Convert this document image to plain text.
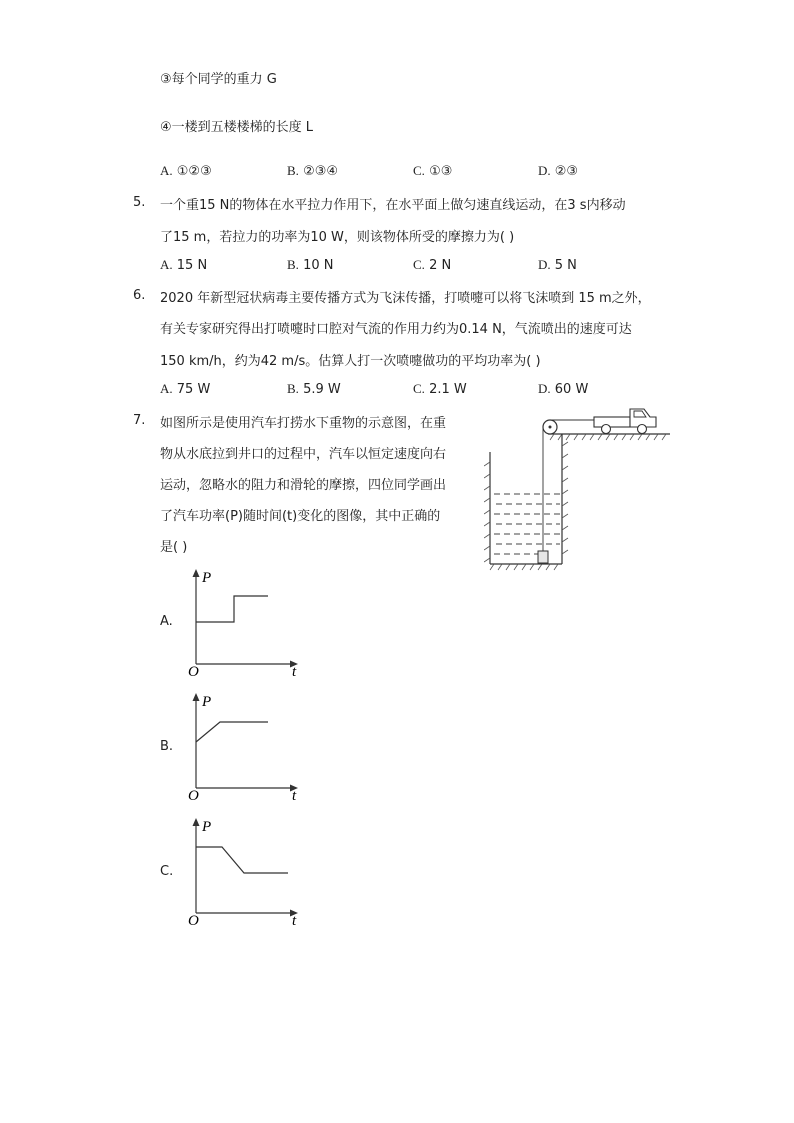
③每个同学的重力 G
④一楼到五楼楼梯的长度 L
A. ①②③	B. ②③④	C. ①③	D. ②③
5. 一个重15 N的物体在水平拉力作用下，在水平面上做匀速直线运动，在3 s内移动
了15 m，若拉力的功率为10 W，则该物体所受的摩擦力为( )
A. 15 N	B. 10 N	C. 2 N	D. 5 N
6. 2020 年新型冠状病毒主要传播方式为飞沫传播，打喷嚏可以将飞沫喷到 15 m之外，
有关专家研究得出打喷嚏时口腔对气流的作用力约为0.14 N，气流喷出的速度可达
150 km/h，约为42 m/s。估算人打一次喷嚏做功的平均功率为( )
A. 75 W	B. 5.9 W	C. 2.1 W	D. 60 W
7. 如图所示是使用汽车打捞水下重物的示意图，在重
物从水底拉到井口的过程中，汽车以恒定速度向右
运动，忽略水的阻力和滑轮的摩擦，四位同学画出
了汽车功率(P)随时间(t)变化的图像，其中正确的
是( )
A.
P
O	t
B.
P
O	t
C.
P
O	t
